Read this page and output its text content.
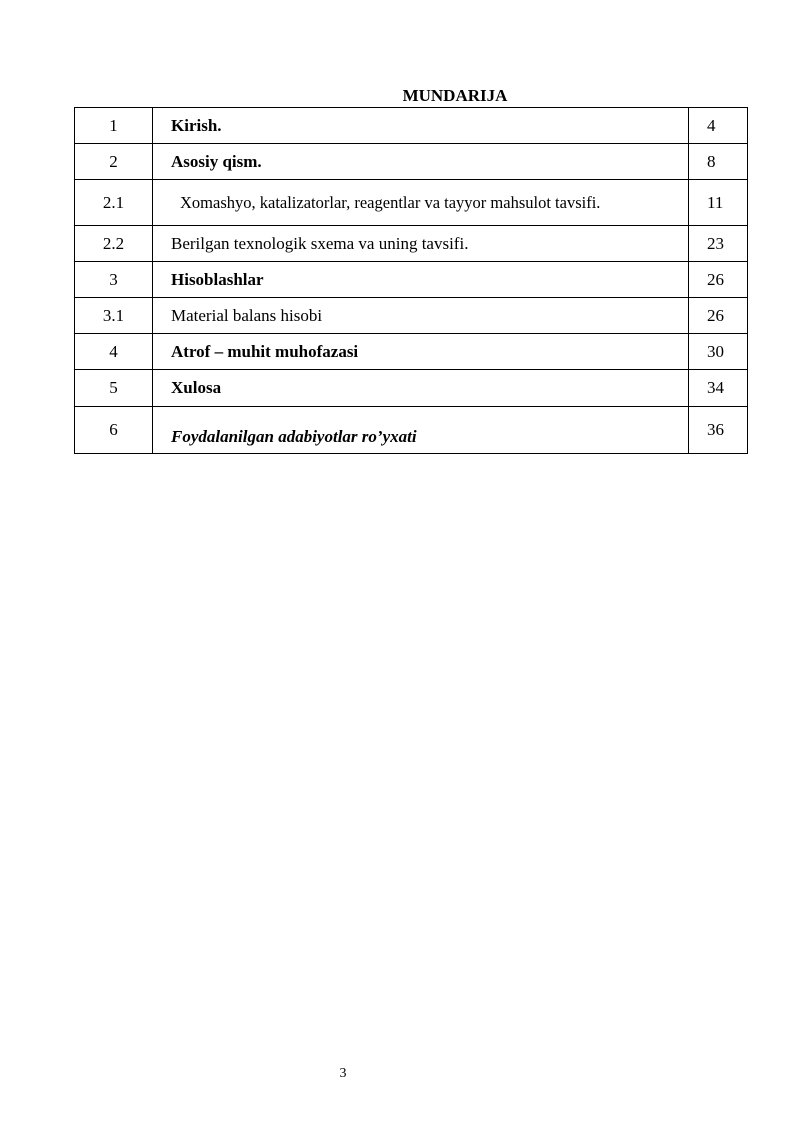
MUNDARIJA
1	Kirish.	4
2	Asosiy qism.	8
2.1	Xomashyo, katalizatorlar, reagentlar va tayyor mahsulot tavsifi.	11
2.2	Berilgan texnologik sxema va uning tavsifi.	23
3	Hisoblashlar	26
3.1	Material balans hisobi	26
4	Atrof – muhit muhofazasi	30
5	Xulosa	34
6	Foydalanilgan adabiyotlar ro’yxati	36
3
